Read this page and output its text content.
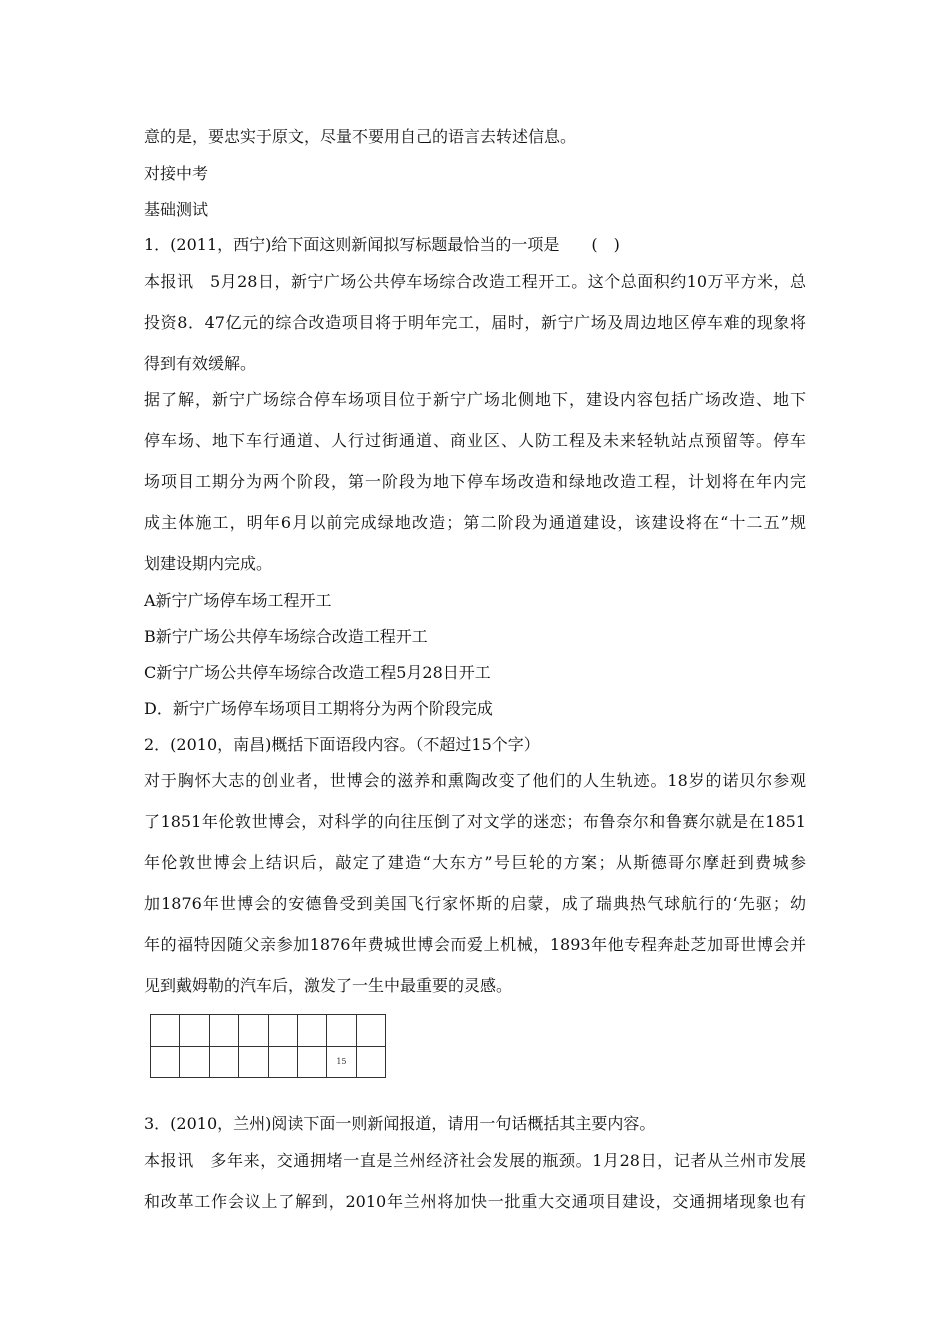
意的是，要忠实于原文，尽量不要用自己的语言去转述信息。
对接中考
基础测试
1．(2011，西宁)给下面这则新闻拟写标题最恰当的一项是　　(　)
本报讯　5月28日，新宁广场公共停车场综合改造工程开工。这个总面积约10万平方米，总
投资8．47亿元的综合改造项目将于明年完工，届时，新宁广场及周边地区停车难的现象将
得到有效缓解。
据了解，新宁广场综合停车场项目位于新宁广场北侧地下，建设内容包括广场改造、地下
停车场、地下车行通道、人行过街通道、商业区、人防工程及未来轻轨站点预留等。停车
场项目工期分为两个阶段，第一阶段为地下停车场改造和绿地改造工程，计划将在年内完
成主体施工，明年6月以前完成绿地改造；第二阶段为通道建设，该建设将在“十二五”规
划建设期内完成。
A新宁广场停车场工程开工
B新宁广场公共停车场综合改造工程开工
C新宁广场公共停车场综合改造工程5月28日开工
D．新宁广场停车场项目工期将分为两个阶段完成
2．(2010，南昌)概括下面语段内容。（不超过15个字）
对于胸怀大志的创业者，世博会的滋养和熏陶改变了他们的人生轨迹。18岁的诺贝尔参观
了1851年伦敦世博会，对科学的向往压倒了对文学的迷恋；布鲁奈尔和鲁赛尔就是在1851
年伦敦世博会上结识后，敲定了建造“大东方”号巨轮的方案；从斯德哥尔摩赶到费城参
加1876年世博会的安德鲁受到美国飞行家怀斯的启蒙，成了瑞典热气球航行的‘先驱；幼
年的福特因随父亲参加1876年费城世博会而爱上机械，1893年他专程奔赴芝加哥世博会并
见到戴姆勒的汽车后，激发了一生中最重要的灵感。

						15	
3．(2010，兰州)阅读下面一则新闻报道，请用一句话概括其主要内容。
本报讯　多年来，交通拥堵一直是兰州经济社会发展的瓶颈。1月28日，记者从兰州市发展
和改革工作会议上了解到，2010年兰州将加快一批重大交通项目建设，交通拥堵现象也有
